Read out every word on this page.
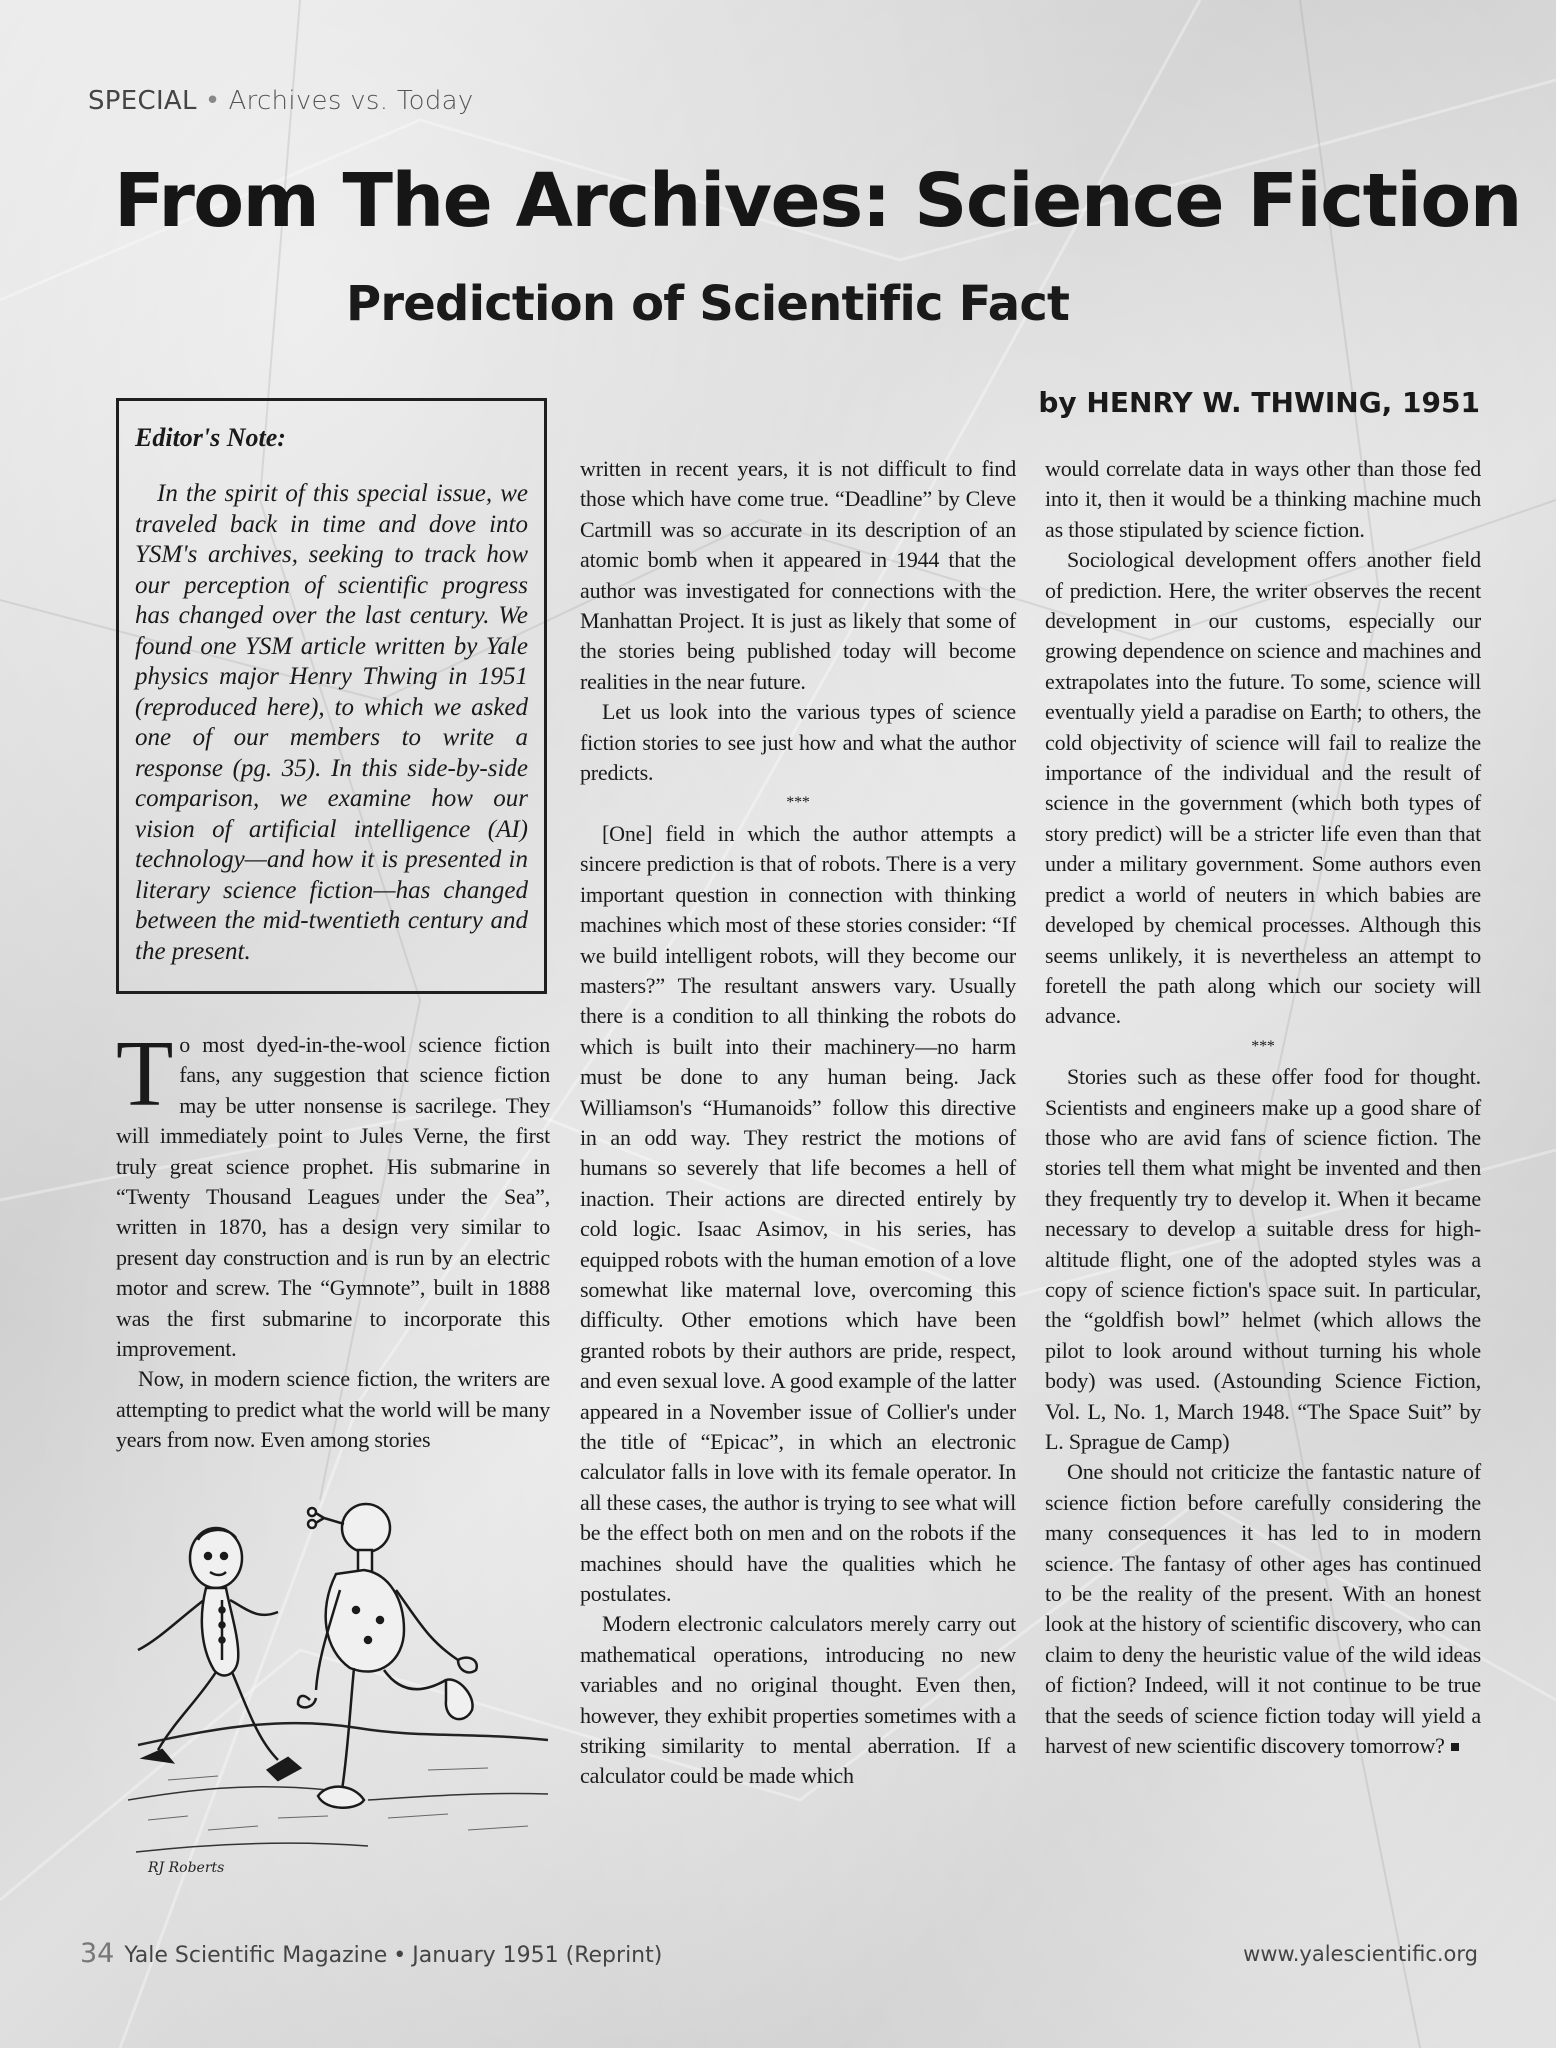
SPECIAL • Archives vs. Today
From The Archives: Science Fiction
Prediction of Scientific Fact
by HENRY W. THWING, 1951

Editor's Note:

In the spirit of this special issue, we traveled back in time and dove into YSM's archives, seeking to track how our perception of scientific progress has changed over the last century. We found one YSM article written by Yale physics major Henry Thwing in 1951 (reproduced here), to which we asked one of our members to write a response (pg. 35). In this side-by-side comparison, we examine how our vision of artificial intelligence (AI) technology—and how it is presented in literary science fiction—has changed between the mid-twentieth century and the present.

To most dyed-in-the-wool science fiction fans, any suggestion that science fiction may be utter nonsense is sacrilege. They will immediately point to Jules Verne, the first truly great science prophet. His submarine in “Twenty Thousand Leagues under the Sea”, written in 1870, has a design very similar to present day construction and is run by an electric motor and screw. The “Gymnote”, built in 1888 was the first submarine to incorporate this improvement.

Now, in modern science fiction, the writers are attempting to predict what the world will be many years from now. Even among stories

written in recent years, it is not difficult to find those which have come true. “Deadline” by Cleve Cartmill was so accurate in its description of an atomic bomb when it appeared in 1944 that the author was investigated for connections with the Manhattan Project. It is just as likely that some of the stories being published today will become realities in the near future.

Let us look into the various types of science fiction stories to see just how and what the author predicts.

***

[One] field in which the author attempts a sincere prediction is that of robots. There is a very important question in connection with thinking machines which most of these stories consider: “If we build intelligent robots, will they become our masters?” The resultant answers vary. Usually there is a condition to all thinking the robots do which is built into their machinery—no harm must be done to any human being. Jack Williamson's “Humanoids” follow this directive in an odd way. They restrict the motions of humans so severely that life becomes a hell of inaction. Their actions are directed entirely by cold logic. Isaac Asimov, in his series, has equipped robots with the human emotion of a love somewhat like maternal love, overcoming this difficulty. Other emotions which have been granted robots by their authors are pride, respect, and even sexual love. A good example of the latter appeared in a November issue of Collier's under the title of “Epicac”, in which an electronic calculator falls in love with its female operator. In all these cases, the author is trying to see what will be the effect both on men and on the robots if the machines should have the qualities which he postulates.

Modern electronic calculators merely carry out mathematical operations, introducing no new variables and no original thought. Even then, however, they exhibit properties sometimes with a striking similarity to mental aberration. If a calculator could be made which

would correlate data in ways other than those fed into it, then it would be a thinking machine much as those stipulated by science fiction.

Sociological development offers another field of prediction. Here, the writer observes the recent development in our customs, especially our growing dependence on science and machines and extrapolates into the future. To some, science will eventually yield a paradise on Earth; to others, the cold objectivity of science will fail to realize the importance of the individual and the result of science in the government (which both types of story predict) will be a stricter life even than that under a military government. Some authors even predict a world of neuters in which babies are developed by chemical processes. Although this seems unlikely, it is nevertheless an attempt to foretell the path along which our society will advance.

***

Stories such as these offer food for thought. Scientists and engineers make up a good share of those who are avid fans of science fiction. The stories tell them what might be invented and then they frequently try to develop it. When it became necessary to develop a suitable dress for high-altitude flight, one of the adopted styles was a copy of science fiction's space suit. In particular, the “goldfish bowl” helmet (which allows the pilot to look around without turning his whole body) was used. (Astounding Science Fiction, Vol. L, No. 1, March 1948. “The Space Suit” by L. Sprague de Camp)

One should not criticize the fantastic nature of science fiction before carefully considering the many consequences it has led to in modern science. The fantasy of other ages has continued to be the reality of the present. With an honest look at the history of scientific discovery, who can claim to deny the heuristic value of the wild ideas of fiction? Indeed, will it not continue to be true that the seeds of science fiction today will yield a harvest of new scientific discovery tomorrow?

RJ Roberts
34 Yale Scientific Magazine • January 1951 (Reprint)	www.yalescientific.org
